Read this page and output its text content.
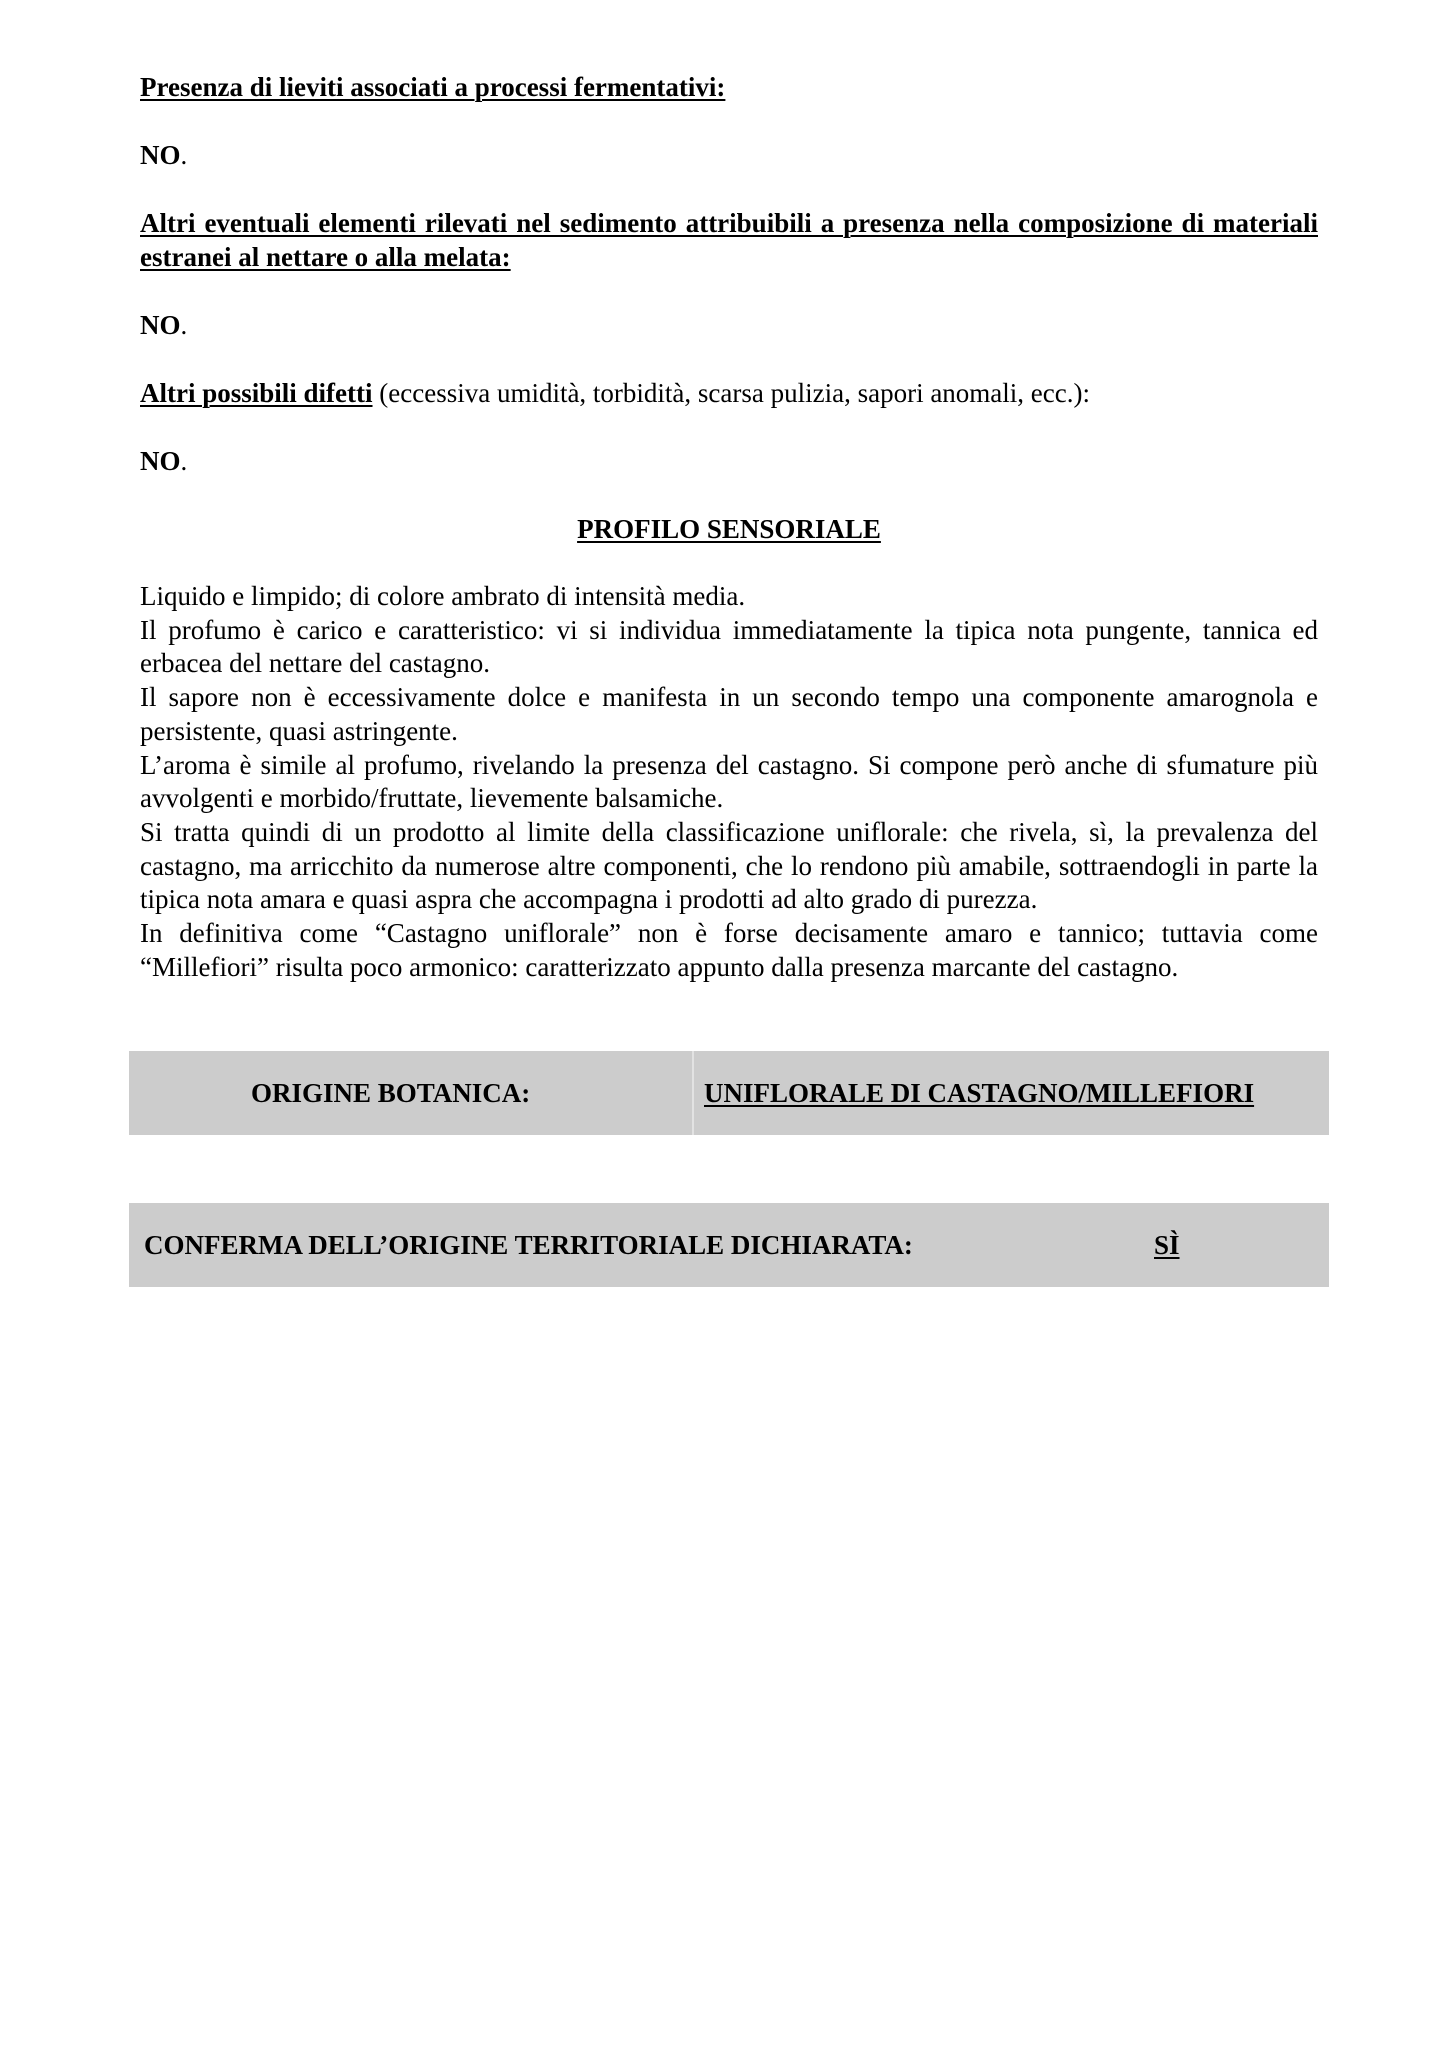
Presenza di lieviti associati a processi fermentativi:
NO.
Altri eventuali elementi rilevati nel sedimento attribuibili a presenza nella composizione di materiali estranei al nettare o alla melata:
NO.
Altri possibili difetti (eccessiva umidità, torbidità, scarsa pulizia, sapori anomali, ecc.):
NO.
PROFILO SENSORIALE

Liquido e limpido; di colore ambrato di intensità media.

Il profumo è carico e caratteristico: vi si individua immediatamente la tipica nota pungente, tannica ed erbacea del nettare del castagno.

Il sapore non è eccessivamente dolce e manifesta in un secondo tempo una componente amarognola e persistente, quasi astringente.

L’aroma è simile al profumo, rivelando la presenza del castagno. Si compone però anche di sfumature più avvolgenti e morbido/fruttate, lievemente balsamiche.

Si tratta quindi di un prodotto al limite della classificazione uniflorale: che rivela, sì, la prevalenza del castagno, ma arricchito da numerose altre componenti, che lo rendono più amabile, sottraendogli in parte la tipica nota amara e quasi aspra che accompagna i prodotti ad alto grado di purezza.

In definitiva come “Castagno uniflorale” non è forse decisamente amaro e tannico; tuttavia come “Millefiori” risulta poco armonico: caratterizzato appunto dalla presenza marcante del castagno.

ORIGINE BOTANICA:	UNIFLORALE DI CASTAGNO/MILLEFIORI
CONFERMA DELL’ORIGINE TERRITORIALE DICHIARATA:	SÌ
